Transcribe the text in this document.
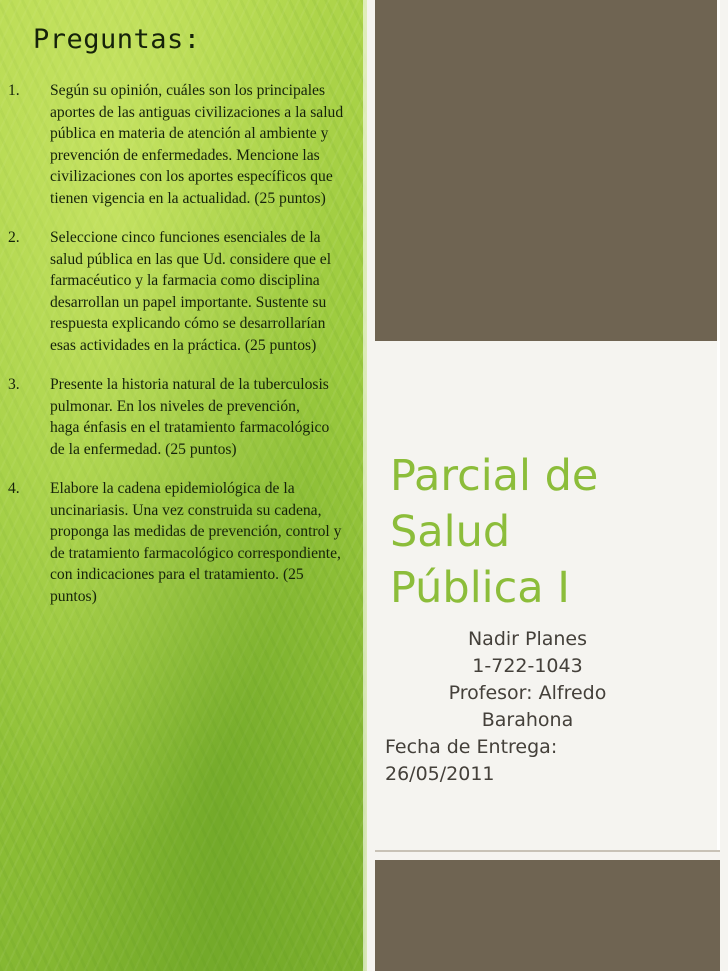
Preguntas:
1. Según su opinión, cuáles son los principales aportes de las antiguas civilizaciones a la salud pública en materia de atención al ambiente y prevención de enfermedades. Mencione las civilizaciones con los aportes específicos que tienen vigencia en la actualidad. (25 puntos)
2. Seleccione cinco funciones esenciales de la salud pública en las que Ud. considere que el farmacéutico y la farmacia como disciplina desarrollan un papel importante. Sustente su respuesta explicando cómo se desarrollarían esas actividades en la práctica. (25 puntos)
3. Presente la historia natural de la tuberculosis pulmonar. En los niveles de prevención, haga énfasis en el tratamiento farmacológico de la enfermedad. (25 puntos)
4. Elabore la cadena epidemiológica de la uncinariasis. Una vez construida su cadena, proponga las medidas de prevención, control y de tratamiento farmacológico correspondiente, con indicaciones para el tratamiento. (25 puntos)
Parcial de
Salud
Pública I
Nadir Planes
1-722-1043
Profesor: Alfredo
Barahona
Fecha de Entrega:
26/05/2011
